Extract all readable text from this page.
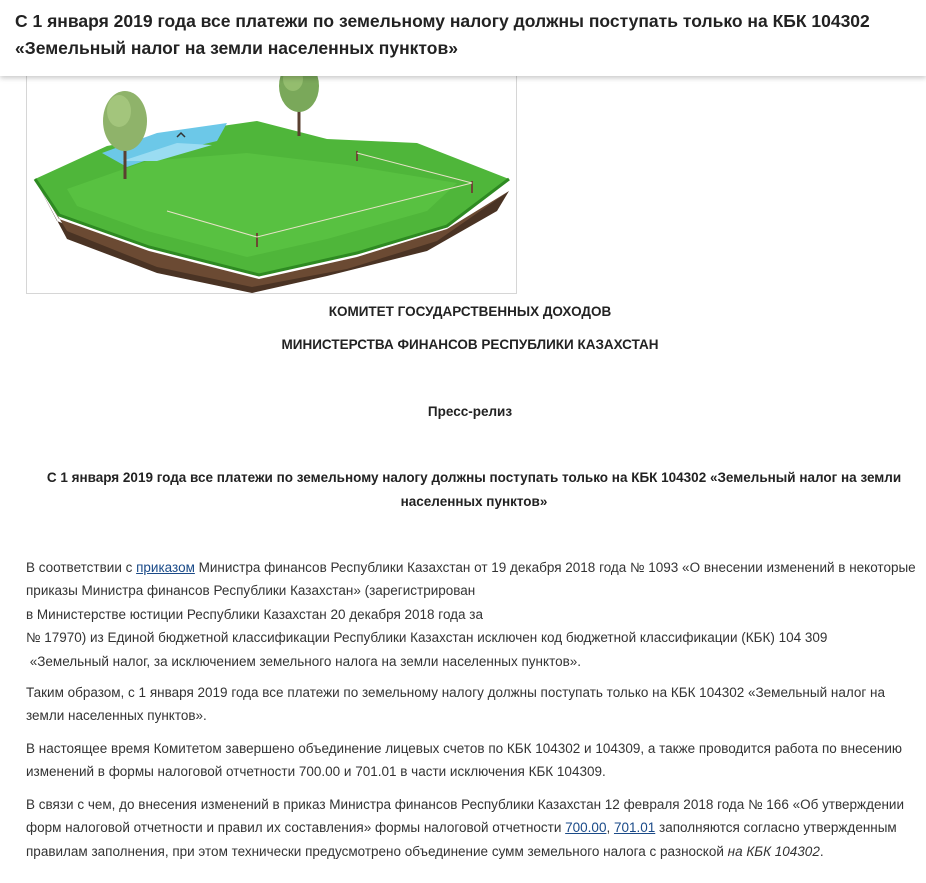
С 1 января 2019 года все платежи по земельному налогу должны поступать только на КБК 104302 «Земельный налог на земли населенных пунктов»
КОМИТЕТ ГОСУДАРСТВЕННЫХ ДОХОДОВ
МИНИСТЕРСТВА ФИНАНСОВ РЕСПУБЛИКИ КАЗАХСТАН
Пресс-релиз
С 1 января 2019 года все платежи по земельному налогу должны поступать только на КБК 104302 «Земельный налог на земли населенных пунктов»

В соответствии с приказом Министра финансов Республики Казахстан от 19 декабря 2018 года № 1093 «О внесении изменений в некоторые приказы Министра финансов Республики Казахстан» (зарегистрирован
в Министерстве юстиции Республики Казахстан 20 декабря 2018 года за
№ 17970) из Единой бюджетной классификации Республики Казахстан исключен код бюджетной классификации (КБК) 104 309
«Земельный налог, за исключением земельного налога на земли населенных пунктов».

Таким образом, с 1 января 2019 года все платежи по земельному налогу должны поступать только на КБК 104302 «Земельный налог на земли населенных пунктов».

В настоящее время Комитетом завершено объединение лицевых счетов по КБК 104302 и 104309, а также проводится работа по внесению изменений в формы налоговой отчетности 700.00 и 701.01 в части исключения КБК 104309.

В связи с чем, до внесения изменений в приказ Министра финансов Республики Казахстан 12 февраля 2018 года № 166 «Об утверждении форм налоговой отчетности и правил их составления» формы налоговой отчетности 700.00, 701.01 заполняются согласно утвержденным правилам заполнения, при этом технически предусмотрено объединение сумм земельного налога с разноской на КБК 104302.
